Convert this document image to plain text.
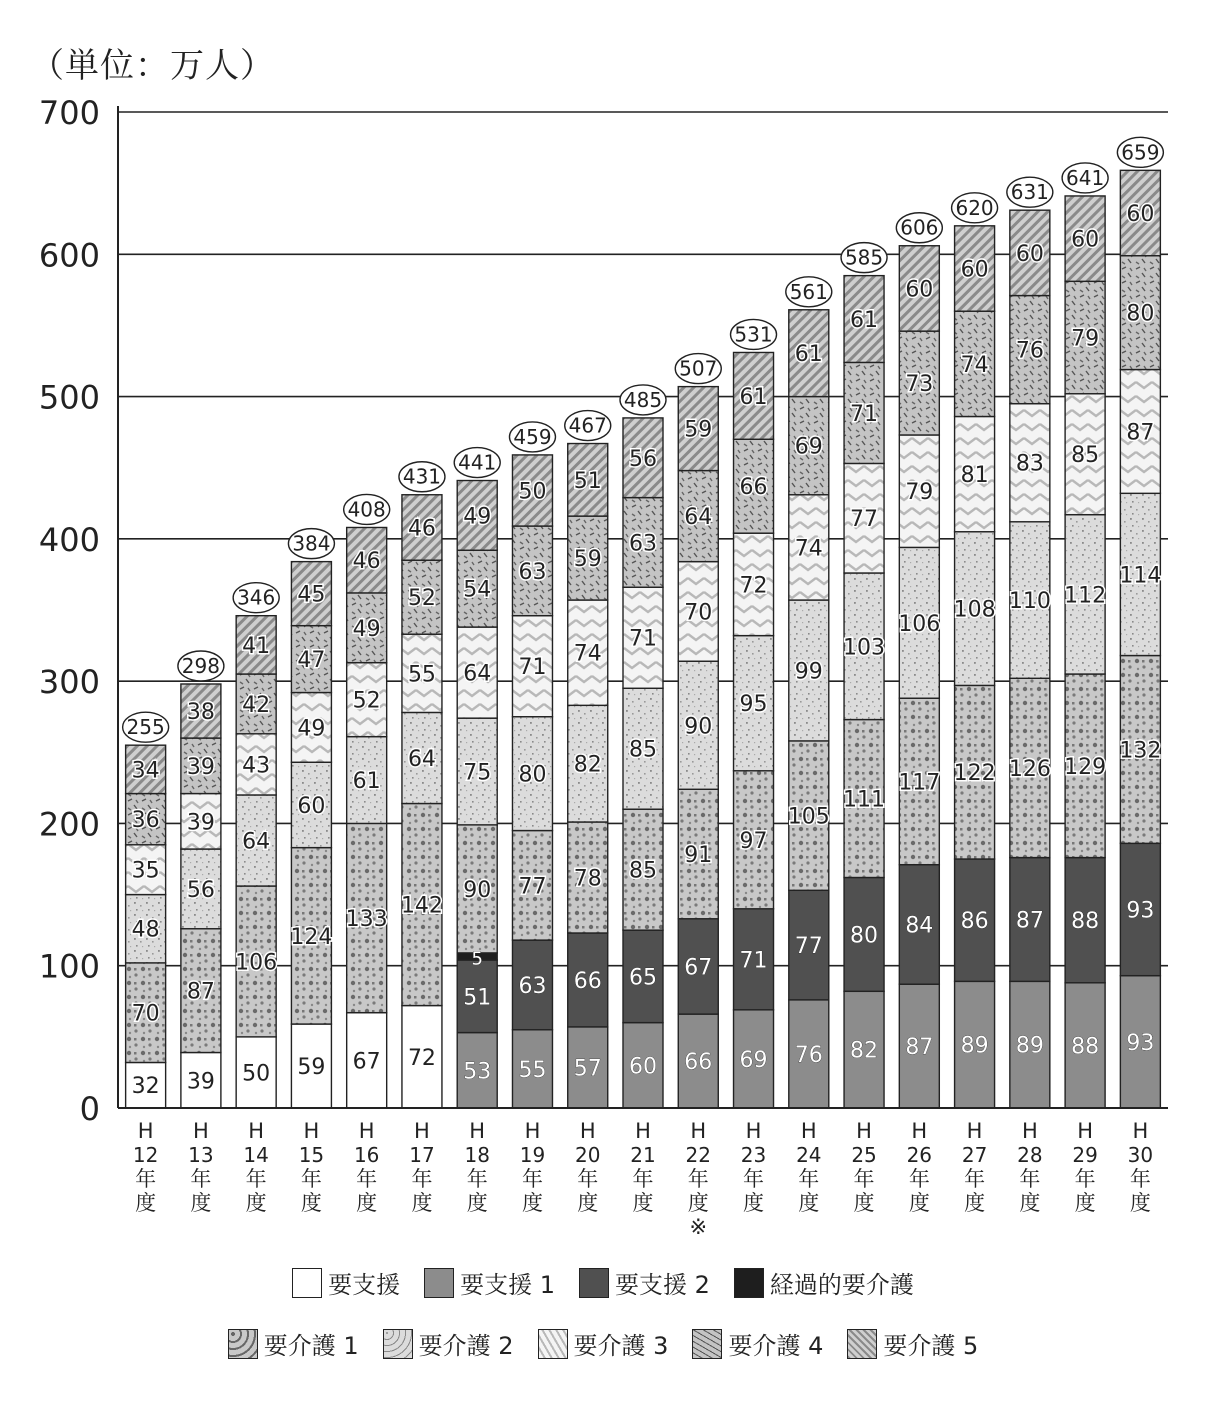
（単位：万人）
0
100
200
300
400
500
600
700
H
12
年
度
H
13
年
度
H
14
年
度
H
15
年
度
H
16
年
度
H
17
年
度
H
18
年
度
H
19
年
度
H
20
年
度
H
21
年
度
H
22
年
度
※
H
23
年
度
H
24
年
度
H
25
年
度
H
26
年
度
H
27
年
度
H
28
年
度
H
29
年
度
H
30
年
度
32
70
48
35
36
34
255
39
87
56
39
39
38
298
50
106
64
43
42
41
346
59
124
60
49
47
45
384
67
133
61
52
49
46
408
72
142
64
55
52
46
431
53
51
5
90
75
64
54
49
441
55
63
77
80
71
63
50
459
57
66
78
82
74
59
51
467
60
65
85
85
71
63
56
485
66
67
91
90
70
64
59
507
69
71
97
95
72
66
61
531
76
77
105
99
74
69
61
561
82
80
111
103
77
71
61
585
87
84
117
106
79
73
60
606
89
86
122
108
81
74
60
620
89
87
126
110
83
76
60
631
88
88
129
112
85
79
60
641
93
93
132
114
87
80
60
659
要支援	要支援 1	要支援 2	経過的要介護
要介護 1	要介護 2	要介護 3	要介護 4	要介護 5
